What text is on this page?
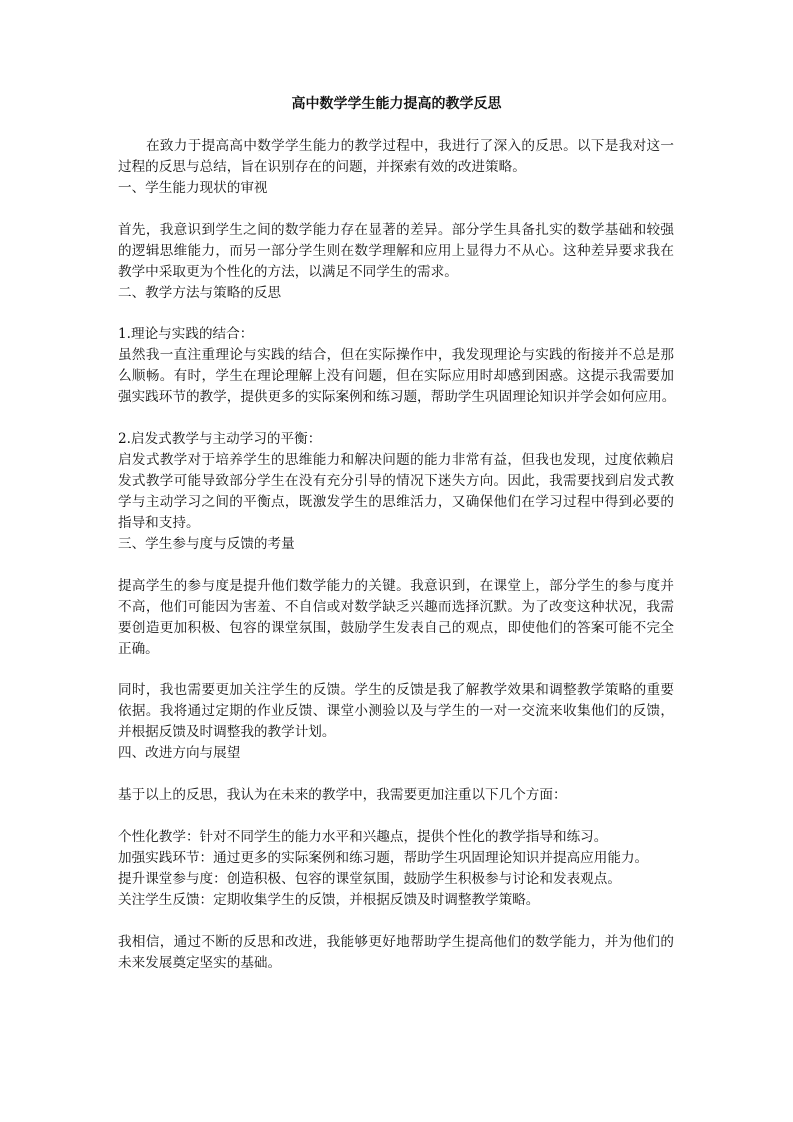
高中数学学生能力提高的教学反思
在致力于提高高中数学学生能力的教学过程中，我进行了深入的反思。以下是我对这一
过程的反思与总结，旨在识别存在的问题，并探索有效的改进策略。
一、学生能力现状的审视
首先，我意识到学生之间的数学能力存在显著的差异。部分学生具备扎实的数学基础和较强
的逻辑思维能力，而另一部分学生则在数学理解和应用上显得力不从心。这种差异要求我在
教学中采取更为个性化的方法，以满足不同学生的需求。
二、教学方法与策略的反思
1.理论与实践的结合：
虽然我一直注重理论与实践的结合，但在实际操作中，我发现理论与实践的衔接并不总是那
么顺畅。有时，学生在理论理解上没有问题，但在实际应用时却感到困惑。这提示我需要加
强实践环节的教学，提供更多的实际案例和练习题，帮助学生巩固理论知识并学会如何应用。
2.启发式教学与主动学习的平衡：
启发式教学对于培养学生的思维能力和解决问题的能力非常有益，但我也发现，过度依赖启
发式教学可能导致部分学生在没有充分引导的情况下迷失方向。因此，我需要找到启发式教
学与主动学习之间的平衡点，既激发学生的思维活力，又确保他们在学习过程中得到必要的
指导和支持。
三、学生参与度与反馈的考量
提高学生的参与度是提升他们数学能力的关键。我意识到，在课堂上，部分学生的参与度并
不高，他们可能因为害羞、不自信或对数学缺乏兴趣而选择沉默。为了改变这种状况，我需
要创造更加积极、包容的课堂氛围，鼓励学生发表自己的观点，即使他们的答案可能不完全
正确。
同时，我也需要更加关注学生的反馈。学生的反馈是我了解教学效果和调整教学策略的重要
依据。我将通过定期的作业反馈、课堂小测验以及与学生的一对一交流来收集他们的反馈，
并根据反馈及时调整我的教学计划。
四、改进方向与展望
基于以上的反思，我认为在未来的教学中，我需要更加注重以下几个方面：
个性化教学：针对不同学生的能力水平和兴趣点，提供个性化的教学指导和练习。
加强实践环节：通过更多的实际案例和练习题，帮助学生巩固理论知识并提高应用能力。
提升课堂参与度：创造积极、包容的课堂氛围，鼓励学生积极参与讨论和发表观点。
关注学生反馈：定期收集学生的反馈，并根据反馈及时调整教学策略。
我相信，通过不断的反思和改进，我能够更好地帮助学生提高他们的数学能力，并为他们的
未来发展奠定坚实的基础。
